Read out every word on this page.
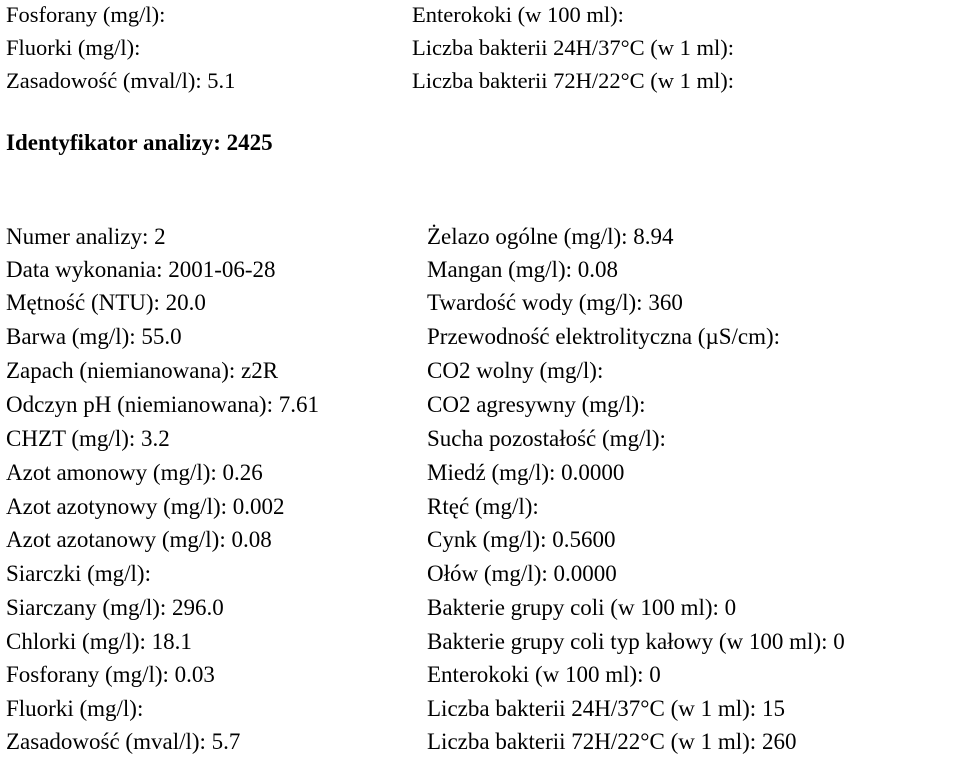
Fosforany (mg/l):
Fluorki (mg/l):
Zasadowość (mval/l): 5.1
Enterokoki (w 100 ml):
Liczba bakterii 24H/37°C (w 1 ml):
Liczba bakterii 72H/22°C (w 1 ml):
Identyfikator analizy: 2425
Numer analizy: 2
Data wykonania: 2001-06-28
Mętność (NTU): 20.0
Barwa (mg/l): 55.0
Zapach (niemianowana): z2R
Odczyn pH (niemianowana): 7.61
CHZT (mg/l): 3.2
Azot amonowy (mg/l): 0.26
Azot azotynowy (mg/l): 0.002
Azot azotanowy (mg/l): 0.08
Siarczki (mg/l):
Siarczany (mg/l): 296.0
Chlorki (mg/l): 18.1
Fosforany (mg/l): 0.03
Fluorki (mg/l):
Zasadowość (mval/l): 5.7
Żelazo ogólne (mg/l): 8.94
Mangan (mg/l): 0.08
Twardość wody (mg/l): 360
Przewodność elektrolityczna (µS/cm):
CO2 wolny (mg/l):
CO2 agresywny (mg/l):
Sucha pozostałość (mg/l):
Miedź (mg/l): 0.0000
Rtęć (mg/l):
Cynk (mg/l): 0.5600
Ołów (mg/l): 0.0000
Bakterie grupy coli (w 100 ml): 0
Bakterie grupy coli typ kałowy (w 100 ml): 0
Enterokoki (w 100 ml): 0
Liczba bakterii 24H/37°C (w 1 ml): 15
Liczba bakterii 72H/22°C (w 1 ml): 260
